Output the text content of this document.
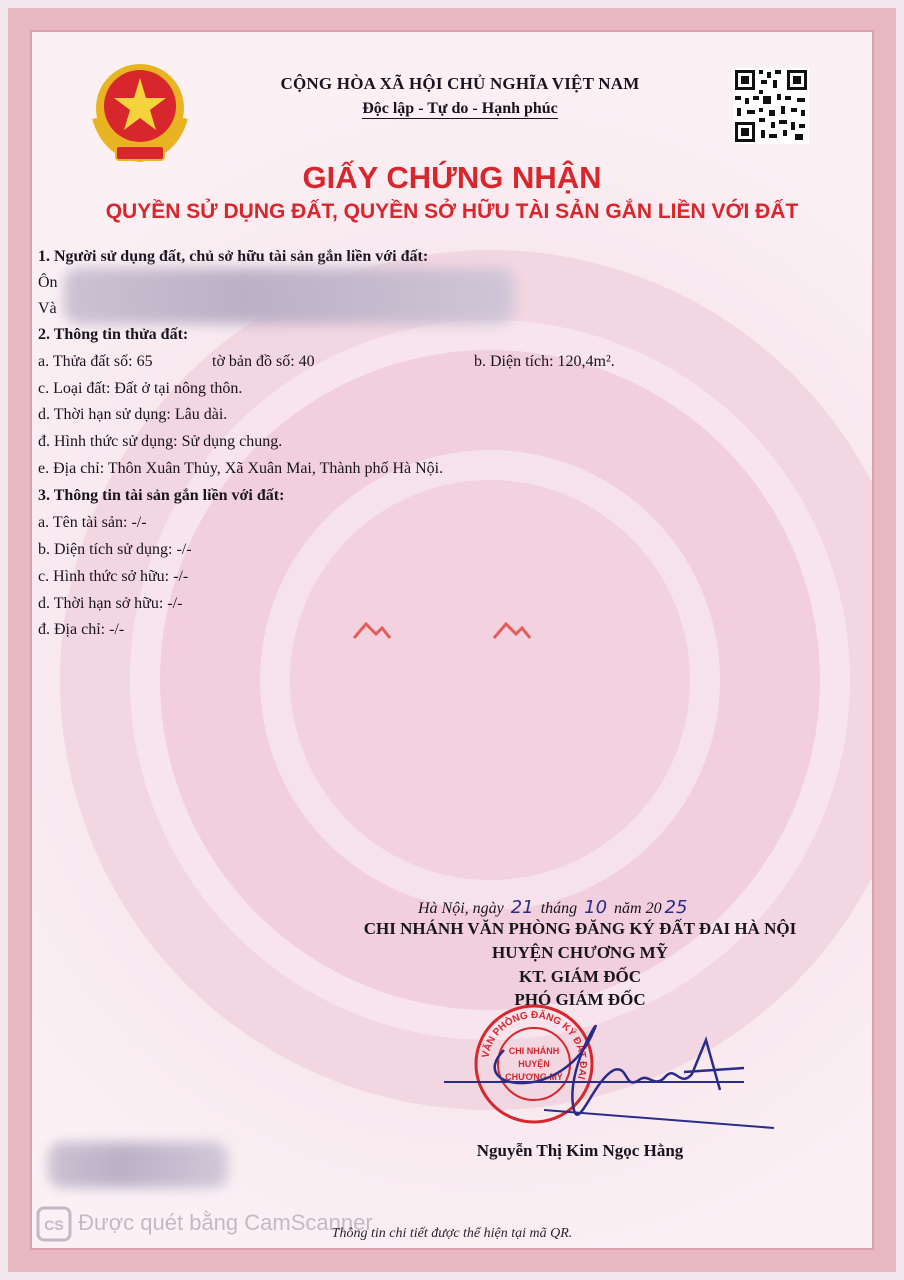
CỘNG HÒA XÃ HỘI CHỦ NGHĨA VIỆT NAM
Độc lập - Tự do - Hạnh phúc
GIẤY CHỨNG NHẬN
QUYỀN SỬ DỤNG ĐẤT, QUYỀN SỞ HỮU TÀI SẢN GẮN LIỀN VỚI ĐẤT
1. Người sử dụng đất, chủ sở hữu tài sản gắn liền với đất:
Ôn
Và
2. Thông tin thửa đất:
a. Thửa đất số: 65	tờ bản đồ số: 40	b. Diện tích: 120,4m².
c. Loại đất: Đất ở tại nông thôn.
d. Thời hạn sử dụng: Lâu dài.
đ. Hình thức sử dụng: Sử dụng chung.
e. Địa chỉ: Thôn Xuân Thủy, Xã Xuân Mai, Thành phố Hà Nội.
3. Thông tin tài sản gắn liền với đất:
a. Tên tài sản: -/-
b. Diện tích sử dụng: -/-
c. Hình thức sở hữu: -/-
d. Thời hạn sở hữu: -/-
đ. Địa chỉ: -/-
Hà Nội, ngày 21 tháng 10 năm 20 25
CHI NHÁNH VĂN PHÒNG ĐĂNG KÝ ĐẤT ĐAI HÀ NỘI
HUYỆN CHƯƠNG MỸ
KT. GIÁM ĐỐC
PHÓ GIÁM ĐỐC
VĂN PHÒNG ĐĂNG KÝ ĐẤT ĐAI
CHI NHÁNH
HUYỆN
CHƯƠNG MỸ
Nguyễn Thị Kim Ngọc Hằng
CS Được quét bằng CamScanner
Thông tin chi tiết được thể hiện tại mã QR.
